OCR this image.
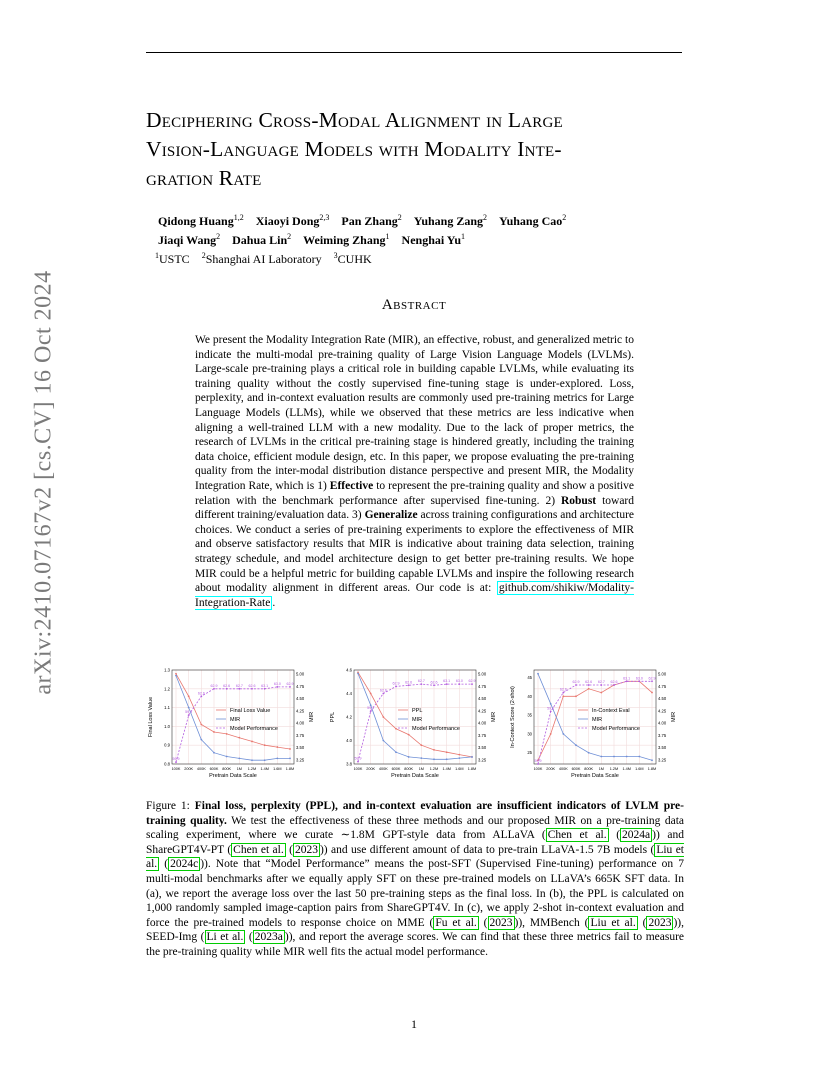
arXiv:2410.07167v2 [cs.CV] 16 Oct 2024
Deciphering Cross-Modal Alignment in Large
Vision-Language Models with Modality Inte-
gration Rate
Qidong Huang$^{1,2}$ Xiaoyi Dong$^{2,3}$ Pan Zhang$^2$ Yuhang Zang$^2$ Yuhang Cao$^2$
Jiaqi Wang$^2$ Dahua Lin$^2$ Weiming Zhang$^1$ Nenghai Yu$^1$
$^1$USTC $^2$Shanghai AI Laboratory $^3$CUHK
Abstract
We present the Modality Integration Rate (MIR), an effective, robust, and generalized metric to indicate the multi-modal pre-training quality of Large Vision Language Models (LVLMs). Large-scale pre-training plays a critical role in building capable LVLMs, while evaluating its training quality without the costly supervised fine-tuning stage is under-explored. Loss, perplexity, and in-context evaluation results are commonly used pre-training metrics for Large Language Models (LLMs), while we observed that these metrics are less indicative when aligning a well-trained LLM with a new modality. Due to the lack of proper metrics, the research of LVLMs in the critical pre-training stage is hindered greatly, including the training data choice, efficient module design, etc. In this paper, we propose evaluating the pre-training quality from the inter-modal distribution distance perspective and present MIR, the Modality Integration Rate, which is 1) Effective to represent the pre-training quality and show a positive relation with the benchmark performance after supervised fine-tuning. 2) Robust toward different training/evaluation data. 3) Generalize across training configurations and architecture choices. We conduct a series of pre-training experiments to explore the effectiveness of MIR and observe satisfactory results that MIR is indicative about training data selection, training strategy schedule, and model architecture design to get better pre-training results. We hope MIR could be a helpful metric for building capable LVLMs and inspire the following research about modality alignment in different areas. Our code is at: github.com/shikiw/Modality-Integration-Rate .
0.8
0.9
1.0
1.1
1.2
1.3
3.25
3.50
3.75
4.00
4.25
4.50
4.75
5.00
100K 200K 400K 600K 800K 1M 1.2M 1.4M 1.6M 1.8M
Pretrain Data Scale
Final Loss Value	MIR
59.9
59.1
62.6
62.9 62.6 62.7 62.6 63.1 63.0 62.9
Final Loss Value
MIR
Model Performance
3.8
4.0
4.2
4.4
4.6
3.25
3.50
3.75
4.00
4.25
4.50
4.75
5.00
100K 200K 400K 600K 800K 1M 1.2M 1.4M 1.6M 1.8M
Pretrain Data Scale
PPL	MIR
59.9
59.1
62.6
62.9 62.6 62.7 62.6 63.1 63.0 62.9
PPL
MIR
Model Performance
25
30
35
40
45
3.25
3.50
3.75
4.00
4.25
4.50
4.75
5.00
100K 200K 400K 600K 800K 1M 1.2M 1.4M 1.6M 1.8M
Pretrain Data Scale
In-Context Score (2-shot)	MIR
59.9
59.1
62.6
62.9 62.6 62.7 62.6
63.1 63.0 62.9
In-Context Eval
MIR
Model Performance
Figure 1: Final loss, perplexity (PPL), and in-context evaluation are insufficient indicators of LVLM pre-training quality. We test the effectiveness of these three methods and our proposed MIR on a pre-training data scaling experiment, where we curate ∼1.8M GPT-style data from ALLaVA ( Chen et al. ( 2024a )) and ShareGPT4V-PT ( Chen et al. ( 2023 )) and use different amount of data to pre-train LLaVA-1.5 7B models ( Liu et al. ( 2024c )). Note that “Model Performance” means the post-SFT (Supervised Fine-tuning) performance on 7 multi-modal benchmarks after we equally apply SFT on these pre-trained models on LLaVA’s 665K SFT data. In (a), we report the average loss over the last 50 pre-training steps as the final loss. In (b), the PPL is calculated on 1,000 randomly sampled image-caption pairs from ShareGPT4V. In (c), we apply 2-shot in-context evaluation and force the pre-trained models to response choice on MME ( Fu et al. ( 2023 )), MMBench ( Liu et al. ( 2023 )), SEED-Img ( Li et al. ( 2023a )), and report the average scores. We can find that these three metrics fail to measure the pre-training quality while MIR well fits the actual model performance.
1
